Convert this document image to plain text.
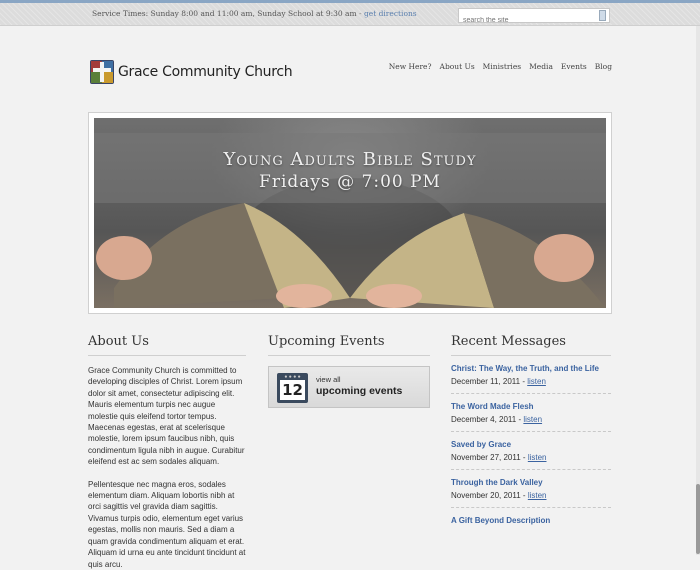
Service Times: Sunday 8:00 and 11:00 am, Sunday School at 9:30 am - get directions
search the site
Grace Community Church	New Here? About Us Ministries Media Events Blog
Young Adults Bible Study
Fridays @ 7:00 PM
About Us

Grace Community Church is committed to developing disciples of Christ. Lorem ipsum dolor sit amet, consectetur adipiscing elit. Mauris elementum turpis nec augue molestie quis eleifend tortor tempus. Maecenas egestas, erat at scelerisque molestie, lorem ipsum faucibus nibh, quis condimentum ligula nibh in augue. Curabitur eleifend est ac sem sodales aliquam.

Pellentesque nec magna eros, sodales elementum diam. Aliquam lobortis nibh at orci sagittis vel gravida diam sagittis. Vivamus turpis odio, elementum eget varius egestas, mollis non mauris. Sed a diam a quam gravida condimentum aliquam et erat. Aliquam id urna eu ante tincidunt tincidunt at quis arcu.

Upcoming Events
● ● ● ●
12
view all
upcoming events
Recent Messages
Christ: The Way, the Truth, and the Life
December 11, 2011 - listen
The Word Made Flesh
December 4, 2011 - listen
Saved by Grace
November 27, 2011 - listen
Through the Dark Valley
November 20, 2011 - listen
A Gift Beyond Description
